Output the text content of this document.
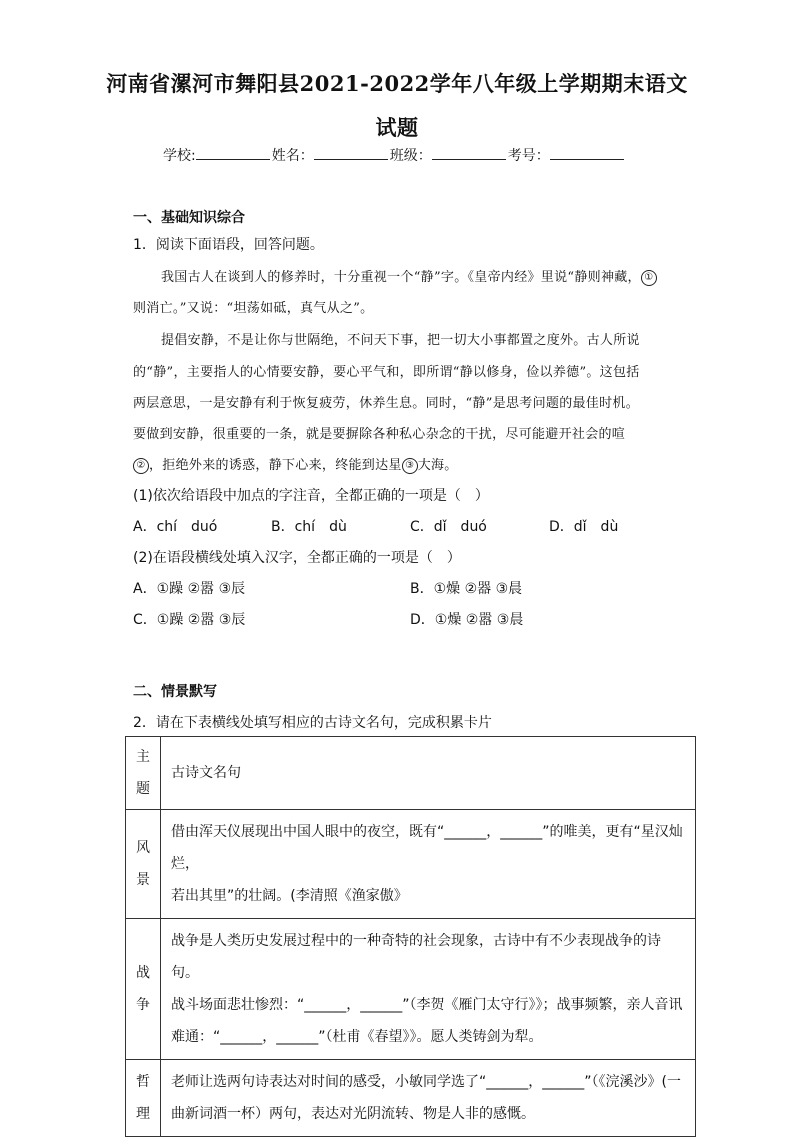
河南省漯河市舞阳县2021-2022学年八年级上学期期末语文
试题
学校:	姓名：	班级：	考号：
一、基础知识综合
1．阅读下面语段，回答问题。
我国古人在谈到人的修养时，十分重视一个“静”字。《皇帝内经》里说“静则神藏， ①
则消亡。”又说：“坦荡如砥，真气从之”。
提倡安静，不是让你与世隔绝，不问天下事，把一切大小事都置之度外。古人所说
的“静”，主要指人的心情要安静，要心平气和，即所谓“静以修身，俭以养德”。这包括
两层意思，一是安静有利于恢复疲劳，休养生息。同时，“静”是思考问题的最佳时机。
要做到安静，很重要的一条，就是要摒除各种私心杂念的干扰，尽可能避开社会的喧
② ，拒绝外来的诱惑，静下心来，终能到达星 ③ 大海。
(1)依次给语段中加点的字注音，全都正确的一项是（　）
A．chí　duó	B．chí　dù	C．dǐ　duó	D．dǐ　dù
(2)在语段横线处填入汉字，全都正确的一项是（　）
A．①躁 ②嚣 ③辰	B．①燥 ②器 ③晨
C．①躁 ②嚣 ③辰	D．①燥 ②嚣 ③晨
二、情景默写
2．请在下表横线处填写相应的古诗文名句，完成积累卡片
主
题	古诗文名句
风
景	借由浑天仪展现出中国人眼中的夜空，既有“______，______”的唯美，更有“星汉灿烂，
若出其里”的壮阔。(李清照《渔家傲》
战
争	战争是人类历史发展过程中的一种奇特的社会现象，古诗中有不少表现战争的诗句。
战斗场面悲壮惨烈：“______，______”（李贺《雁门太守行》》；战事频繁，亲人音讯
难通：“______，______”（杜甫《春望》》。愿人类铸剑为犁。
哲
理	老师让选两句诗表达对时间的感受，小敏同学选了“______，______”（《浣溪沙》(一
曲新词酒一杯）两句，表达对光阴流转、物是人非的感慨。
